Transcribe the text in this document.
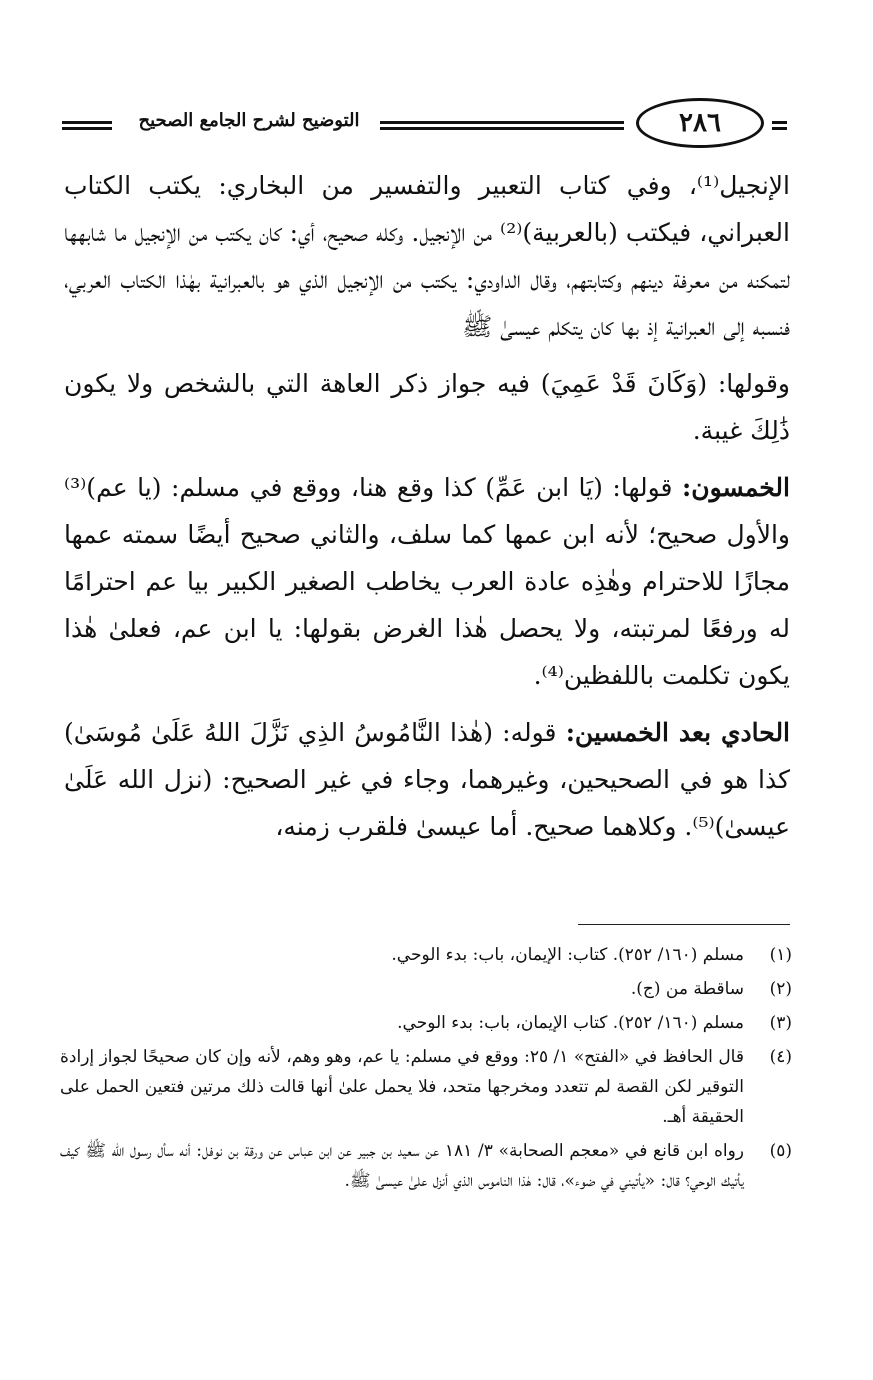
التوضيح لشرح الجامع الصحيح	٢٨٦

الإنجيل⁽¹⁾، وفي كتاب التعبير والتفسير من البخاري: يكتب الكتاب العبراني، فيكتب (بالعربية)⁽²⁾ من الإنجيل. وكله صحيح، أي: كان يكتب من الإنجيل ما شابهها لتمكنه من معرفة دينهم وكتابتهم، وقال الداودي: يكتب من الإنجيل الذي هو بالعبرانية بهٰذا الكتاب العربي، فنسبه إلى العبرانية إذ بها كان يتكلم عيسىٰ ﷺ

وقولها: (وَكَانَ قَدْ عَمِيَ) فيه جواز ذكر العاهة التي بالشخص ولا يكون ذَٰلِكَ غيبة.

الخمسون: قولها: (يَا ابن عَمِّ) كذا وقع هنا، ووقع في مسلم: (يا عم)⁽³⁾ والأول صحيح؛ لأنه ابن عمها كما سلف، والثاني صحيح أيضًا سمته عمها مجازًا للاحترام وهٰذِه عادة العرب يخاطب الصغير الكبير بيا عم احترامًا له ورفعًا لمرتبته، ولا يحصل هٰذا الغرض بقولها: يا ابن عم، فعلىٰ هٰذا يكون تكلمت باللفظين⁽⁴⁾.

الحادي بعد الخمسين: قوله: (هٰذا النَّامُوسُ الذِي نَزَّلَ اللهُ عَلَىٰ مُوسَىٰ) كذا هو في الصحيحين، وغيرهما، وجاء في غير الصحيح: (نزل الله عَلَىٰ عيسىٰ)⁽⁵⁾. وكلاهما صحيح. أما عيسىٰ فلقرب زمنه،

(١)
مسلم (١٦٠/ ٢٥٢). كتاب: الإيمان، باب: بدء الوحي.
(٢)
ساقطة من (ج).
(٣)
مسلم (١٦٠/ ٢٥٢). كتاب الإيمان، باب: بدء الوحي.
(٤)
قال الحافظ في «الفتح» ١/ ٢٥: ووقع في مسلم: يا عم، وهو وهم، لأنه وإن كان صحيحًا لجواز إرادة التوقير لكن القصة لم تتعدد ومخرجها متحد، فلا يحمل علىٰ أنها قالت ذلك مرتين فتعين الحمل على الحقيقة أهـ.
(٥)
رواه ابن قانع في «معجم الصحابة» ٣/ ١٨١ عن سعيد بن جبير عن ابن عباس عن ورقة بن نوفل: أنه سأل رسول الله ﷺ كيف يأتيك الوحي؟ قال: «يأتيني في ضوء»، قال: هٰذا الناموس الذي أنزل علىٰ عيسىٰ ﷺ.
